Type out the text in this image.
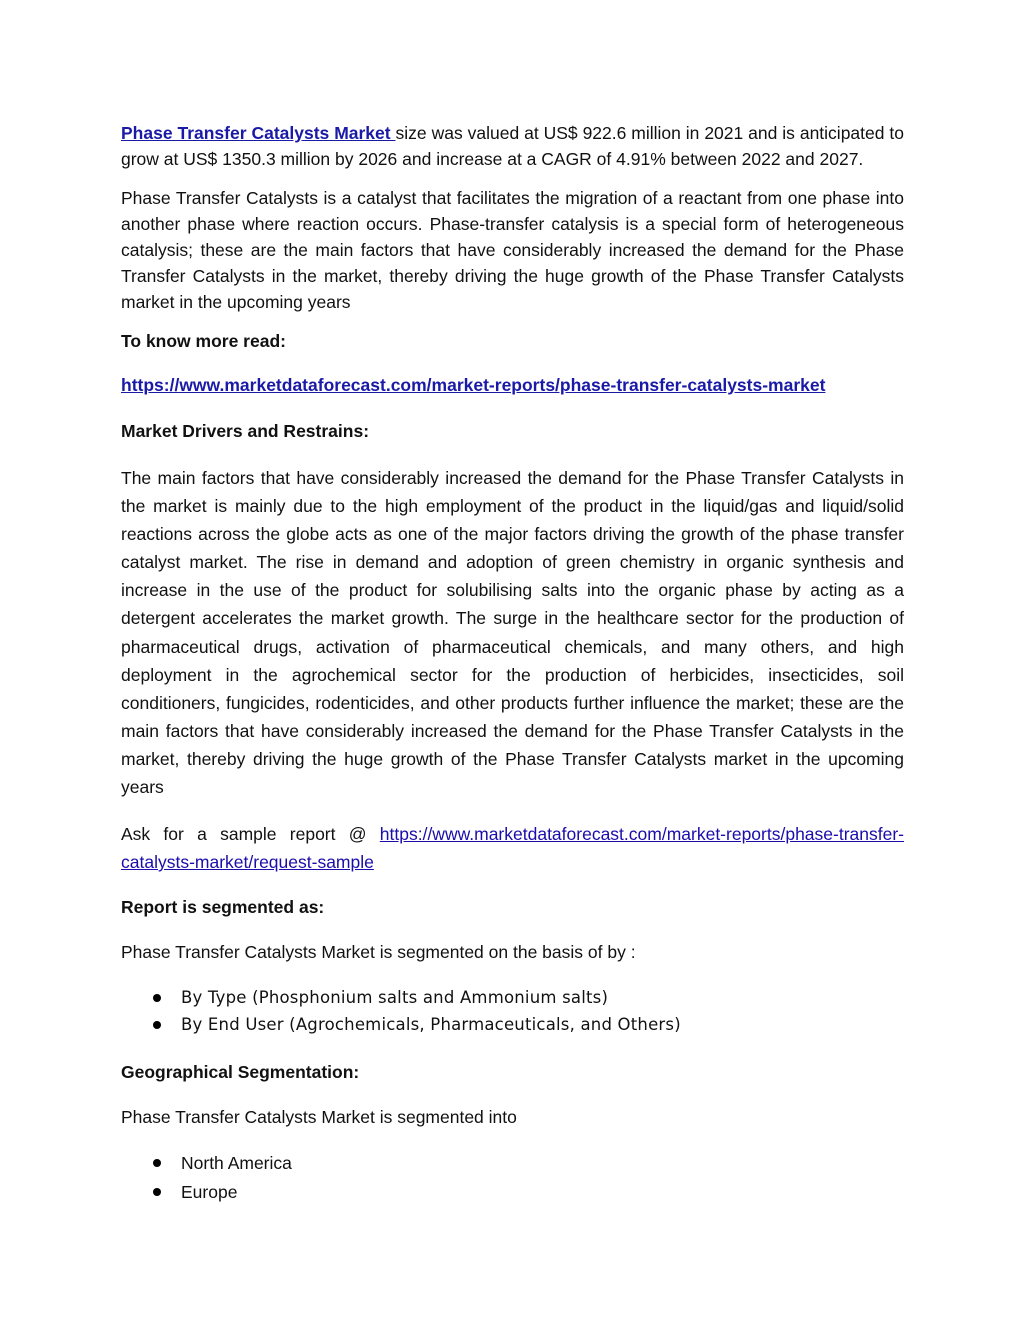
Phase Transfer Catalysts Market size was valued at US$ 922.6 million in 2021 and is anticipated to grow at US$ 1350.3 million by 2026 and increase at a CAGR of 4.91% between 2022 and 2027.

Phase Transfer Catalysts is a catalyst that facilitates the migration of a reactant from one phase into another phase where reaction occurs. Phase-transfer catalysis is a special form of heterogeneous catalysis; these are the main factors that have considerably increased the demand for the Phase Transfer Catalysts in the market, thereby driving the huge growth of the Phase Transfer Catalysts market in the upcoming years

To know more read:

https://www.marketdataforecast.com/market-reports/phase-transfer-catalysts-market

Market Drivers and Restrains:

The main factors that have considerably increased the demand for the Phase Transfer Catalysts in the market is mainly due to the high employment of the product in the liquid/gas and liquid/solid reactions across the globe acts as one of the major factors driving the growth of the phase transfer catalyst market. The rise in demand and adoption of green chemistry in organic synthesis and increase in the use of the product for solubilising salts into the organic phase by acting as a detergent accelerates the market growth. The surge in the healthcare sector for the production of pharmaceutical drugs, activation of pharmaceutical chemicals, and many others, and high deployment in the agrochemical sector for the production of herbicides, insecticides, soil conditioners, fungicides, rodenticides, and other products further influence the market; these are the main factors that have considerably increased the demand for the Phase Transfer Catalysts in the market, thereby driving the huge growth of the Phase Transfer Catalysts market in the upcoming years

Ask for a sample report @ https://www.marketdataforecast.com/market-reports/phase-transfer-catalysts-market/request-sample

Report is segmented as:

Phase Transfer Catalysts Market is segmented on the basis of by :

By Type (Phosphonium salts and Ammonium salts)
By End User (Agrochemicals, Pharmaceuticals, and Others)

Geographical Segmentation:

Phase Transfer Catalysts Market is segmented into

North America
Europe
